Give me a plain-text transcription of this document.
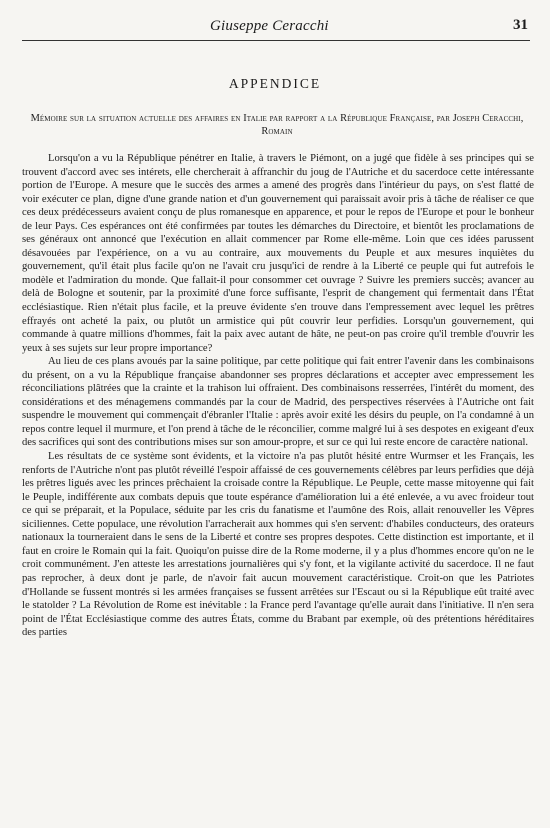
Giuseppe Ceracchi	31
APPENDICE
Mémoire sur la situation actuelle des affaires en Italie par rapport a la République Française, par Joseph Ceracchi, Romain

Lorsqu'on a vu la République pénétrer en Italie, à travers le Piémont, on a jugé que fidèle à ses principes qui se trouvent d'accord avec ses intérets, elle chercherait à affranchir du joug de l'Autriche et du sacerdoce cette intéressante portion de l'Europe. A mesure que le succès des armes a amené des progrès dans l'intérieur du pays, on s'est flatté de voir exécuter ce plan, digne d'une grande nation et d'un gouvernement qui paraissait avoir pris à tâche de réaliser ce que ces deux prédécesseurs avaient conçu de plus romanesque en apparence, et pour le repos de l'Europe et pour le bonheur de leur Pays. Ces espérances ont été confirmées par toutes les démarches du Directoire, et bientôt les proclamations de ses généraux ont annoncé que l'exécution en allait commencer par Rome elle-même. Loin que ces idées parussent désavouées par l'expérience, on a vu au contraire, aux mouvements du Peuple et aux mesures inquiètes du gouvernement, qu'il était plus facile qu'on ne l'avait cru jusqu'ici de rendre à la Liberté ce peuple qui fut autrefois le modèle et l'admiration du monde. Que fallait-il pour consommer cet ouvrage ? Suivre les premiers succès; avancer au delà de Bologne et soutenir, par la proximité d'une force suffisante, l'esprit de changement qui fermentait dans l'État ecclésiastique. Rien n'était plus facile, et la preuve évidente s'en trouve dans l'empressement avec lequel les prêtres effrayés ont acheté la paix, ou plutôt un armistice qui pût couvrir leur perfidies. Lorsqu'un gouvernement, qui commande à quatre millions d'hommes, fait la paix avec autant de hâte, ne peut-on pas croire qu'il tremble d'ouvrir les yeux à ses sujets sur leur propre importance?

Au lieu de ces plans avoués par la saine politique, par cette politique qui fait entrer l'avenir dans les combinaisons du présent, on a vu la République française abandonner ses propres déclarations et accepter avec empressement les réconciliations plâtrées que la crainte et la trahison lui offraient. Des combinaisons resserrées, l'intérêt du moment, des considérations et des ménagemens commandés par la cour de Madrid, des perspectives réservées à l'Autriche ont fait suspendre le mouvement qui commençait d'ébranler l'Italie : après avoir exité les désirs du peuple, on l'a condamné à un repos contre lequel il murmure, et l'on prend à tâche de le réconcilier, comme malgré lui à ses despotes en exigeant d'eux des sacrifices qui sont des contributions mises sur son amour-propre, et sur ce qui lui reste encore de caractère national.

Les résultats de ce système sont évidents, et la victoire n'a pas plutôt hésité entre Wurmser et les Français, les renforts de l'Autriche n'ont pas plutôt réveillé l'espoir affaissé de ces gouvernements célèbres par leurs perfidies que déjà les prêtres ligués avec les princes prêchaient la croisade contre la République. Le Peuple, cette masse mitoyenne qui fait le Peuple, indifférente aux combats depuis que toute espérance d'amélioration lui a été enlevée, a vu avec froideur tout ce qui se préparait, et la Populace, séduite par les cris du fanatisme et l'aumône des Rois, allait renouveller les Vêpres siciliennes. Cette populace, une révolution l'arracherait aux hommes qui s'en servent: d'habiles conducteurs, des orateurs nationaux la tourneraient dans le sens de la Liberté et contre ses propres despotes. Cette distinction est importante, et il faut en croire le Romain qui la fait. Quoiqu'on puisse dire de la Rome moderne, il y a plus d'hommes encore qu'on ne le croit communément. J'en atteste les arrestations journalières qui s'y font, et la vigilante activité du sacerdoce. Il ne faut pas reprocher, à deux dont je parle, de n'avoir fait aucun mouvement caractéristique. Croit-on que les Patriotes d'Hollande se fussent montrés si les armées françaises se fussent arrêtées sur l'Escaut ou si la République eût traité avec le statolder ? La Révolution de Rome est inévitable : la France perd l'avantage qu'elle aurait dans l'initiative. Il n'en sera point de l'État Ecclésiastique comme des autres États, comme du Brabant par exemple, où des prétentions héréditaires des parties
